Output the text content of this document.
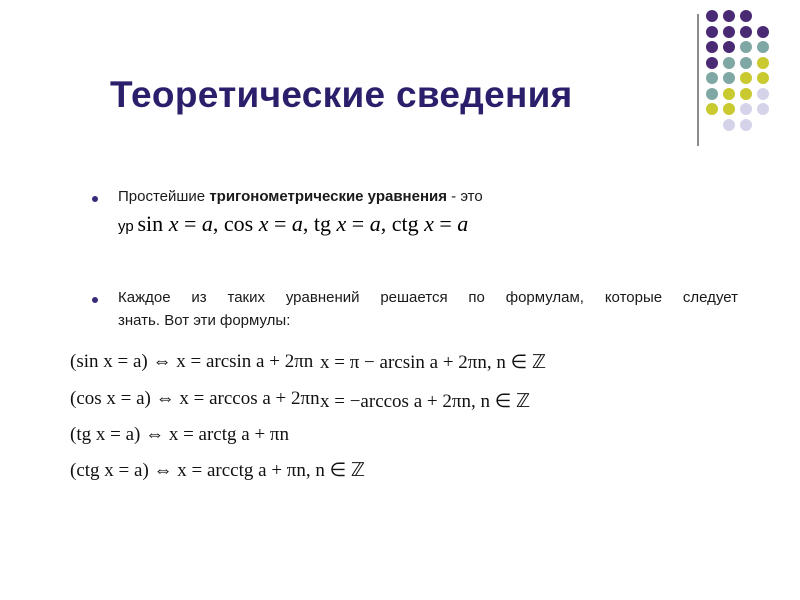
Теоретические сведения
Простейшие тригонометрические уравнения - это
ур sin x = a, cos x = a, tg x = a, ctg x = a
Каждое из таких уравнений решается по формулам, которые следует
знать. Вот эти формулы:
(sin x = a) ⇔ x = arcsin a + 2πn
(cos x = a) ⇔ x = arccos a + 2πn
(tg x = a) ⇔ x = arctg a + πn
(ctg x = a) ⇔ x = arcctg a + πn, n ∈ ℤ
x = π − arcsin a + 2πn, n ∈ ℤ
x = −arccos a + 2πn, n ∈ ℤ
